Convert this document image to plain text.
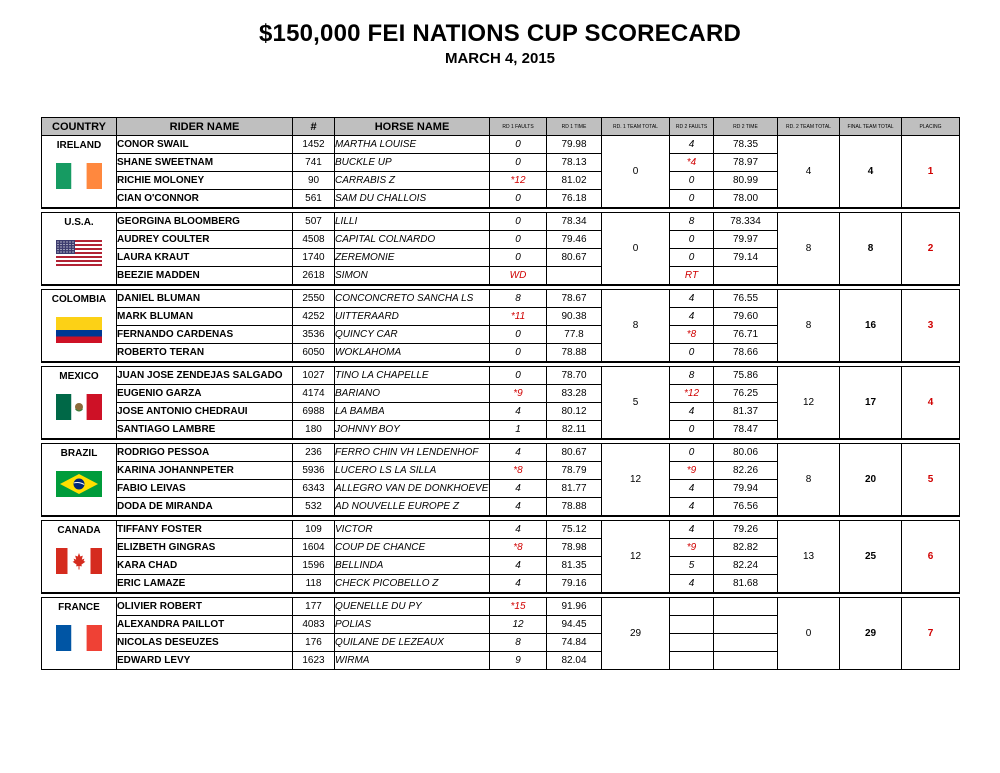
$150,000 FEI NATIONS CUP SCORECARD
MARCH 4, 2015
COUNTRY	RIDER NAME	#	HORSE NAME	RD 1 FAULTS	RD 1 TIME	RD. 1 TEAM TOTAL	RD 2 FAULTS	RD 2 TIME	RD. 2 TEAM TOTAL	FINAL TEAM TOTAL	PLACING

IRELAND	CONOR SWAIL	1452	MARTHA LOUISE	0	79.98	0	4	78.35	4	4	1
	SHANE SWEETNAM	741	BUCKLE UP	0	78.13		*4	78.97			
	RICHIE MOLONEY	90	CARRABIS Z	*12	81.02		0	80.99			
	CIAN O'CONNOR	561	SAM DU CHALLOIS	0	76.18		0	78.00			

U.S.A.	GEORGINA BLOOMBERG	507	LILLI	0	78.34	0	8	78.334	8	8	2
	AUDREY COULTER	4508	CAPITAL COLNARDO	0	79.46		0	79.97			
	LAURA KRAUT	1740	ZEREMONIE	0	80.67		0	79.14			
	BEEZIE MADDEN	2618	SIMON	WD			RT				

COLOMBIA	DANIEL BLUMAN	2550	CONCONCRETO SANCHA LS	8	78.67	8	4	76.55	8	16	3
	MARK BLUMAN	4252	UITTERAARD	*11	90.38		4	79.60			
	FERNANDO CARDENAS	3536	QUINCY CAR	0	77.8		*8	76.71			
	ROBERTO TERAN	6050	WOKLAHOMA	0	78.88		0	78.66			

MEXICO	JUAN JOSE ZENDEJAS SALGADO	1027	TINO LA CHAPELLE	0	78.70	5	8	75.86	12	17	4
	EUGENIO GARZA	4174	BARIANO	*9	83.28		*12	76.25			
	JOSE ANTONIO CHEDRAUI	6988	LA BAMBA	4	80.12		4	81.37			
	SANTIAGO LAMBRE	180	JOHNNY BOY	1	82.11		0	78.47			

BRAZIL	RODRIGO PESSOA	236	FERRO CHIN VH LENDENHOF	4	80.67	12	0	80.06	8	20	5
	KARINA JOHANNPETER	5936	LUCERO LS LA SILLA	*8	78.79		*9	82.26			
	FABIO LEIVAS	6343	ALLEGRO VAN DE DONKHOEVE	4	81.77		4	79.94			
	DODA DE MIRANDA	532	AD NOUVELLE EUROPE Z	4	78.88		4	76.56			

CANADA	TIFFANY FOSTER	109	VICTOR	4	75.12	12	4	79.26	13	25	6
	ELIZBETH GINGRAS	1604	COUP DE CHANCE	*8	78.98		*9	82.82			
	KARA CHAD	1596	BELLINDA	4	81.35		5	82.24			
	ERIC LAMAZE	118	CHECK PICOBELLO Z	4	79.16		4	81.68			

FRANCE	OLIVIER ROBERT	177	QUENELLE DU PY	*15	91.96	29			0	29	7
	ALEXANDRA PAILLOT	4083	POLIAS	12	94.45						
	NICOLAS DESEUZES	176	QUILANE DE LEZEAUX	8	74.84						
	EDWARD LEVY	1623	WIRMA	9	82.04						
